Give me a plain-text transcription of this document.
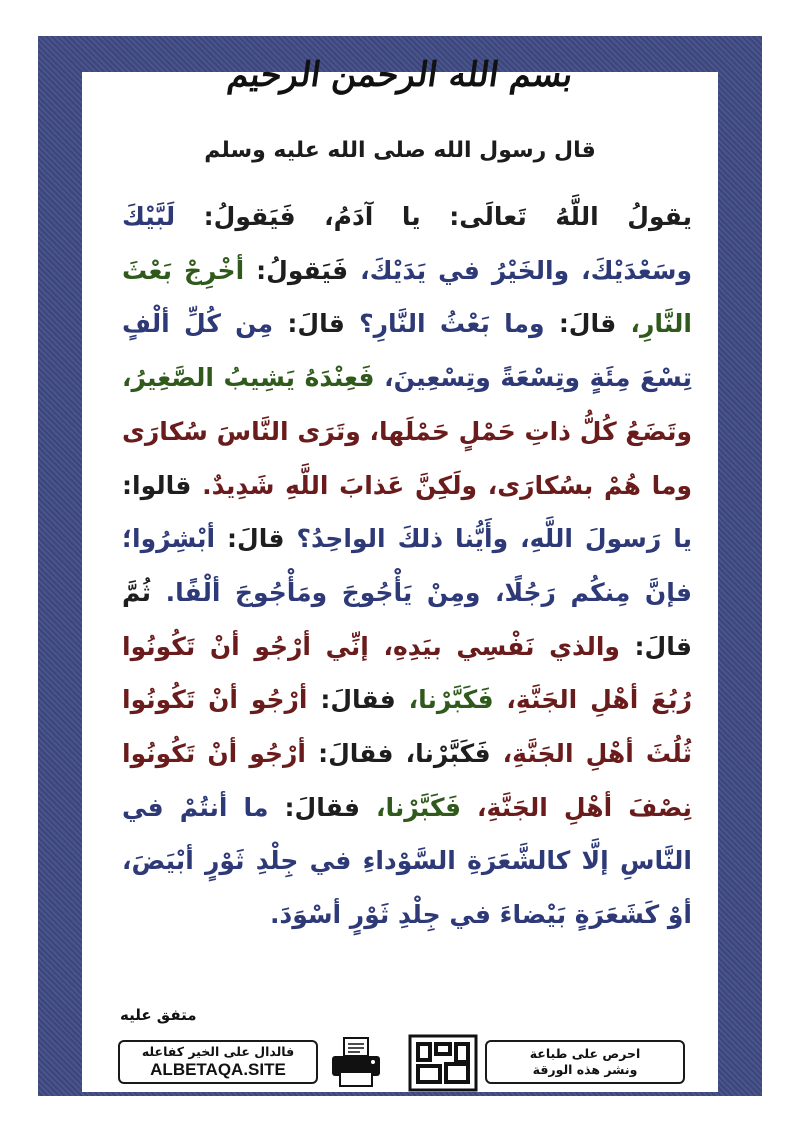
بسم الله الرحمن الرحيم
قال رسول الله صلى الله عليه وسلم
يقولُ اللَّهُ تَعالَى: يا آدَمُ، فَيَقولُ: لَبَّيْكَ وسَعْدَيْكَ، والخَيْرُ في يَدَيْكَ، فَيَقولُ: أخْرِجْ بَعْثَ النَّارِ، قالَ: وما بَعْثُ النَّارِ؟ قالَ: مِن كُلِّ ألْفٍ تِسْعَ مِئَةٍ وتِسْعَةً وتِسْعِينَ، فَعِنْدَهُ يَشِيبُ الصَّغِيرُ، وتَضَعُ كُلُّ ذاتِ حَمْلٍ حَمْلَها، وتَرَى النَّاسَ سُكارَى وما هُمْ بسُكارَى، ولَكِنَّ عَذابَ اللَّهِ شَدِيدٌ. قالوا: يا رَسولَ اللَّهِ، وأَيُّنا ذلكَ الواحِدُ؟ قالَ: أبْشِرُوا؛ فإنَّ مِنكُم رَجُلًا، ومِنْ يَأْجُوجَ ومَأْجُوجَ ألْفًا. ثُمَّ قالَ: والذي نَفْسِي بيَدِهِ، إنِّي أرْجُو أنْ تَكُونُوا رُبُعَ أهْلِ الجَنَّةِ، فَكَبَّرْنا، فقالَ: أرْجُو أنْ تَكُونُوا ثُلُثَ أهْلِ الجَنَّةِ، فَكَبَّرْنا، فقالَ: أرْجُو أنْ تَكُونُوا نِصْفَ أهْلِ الجَنَّةِ، فَكَبَّرْنا، فقالَ: ما أنتُمْ في النَّاسِ إلَّا كالشَّعَرَةِ السَّوْداءِ في جِلْدِ ثَوْرٍ أبْيَضَ، أوْ كَشَعَرَةٍ بَيْضاءَ في جِلْدِ ثَوْرٍ أسْوَدَ.
متفق عليه
فالدال على الخير كفاعله
ALBETAQA.SITE
احرص على طباعة
ونشر هذه الورقة
